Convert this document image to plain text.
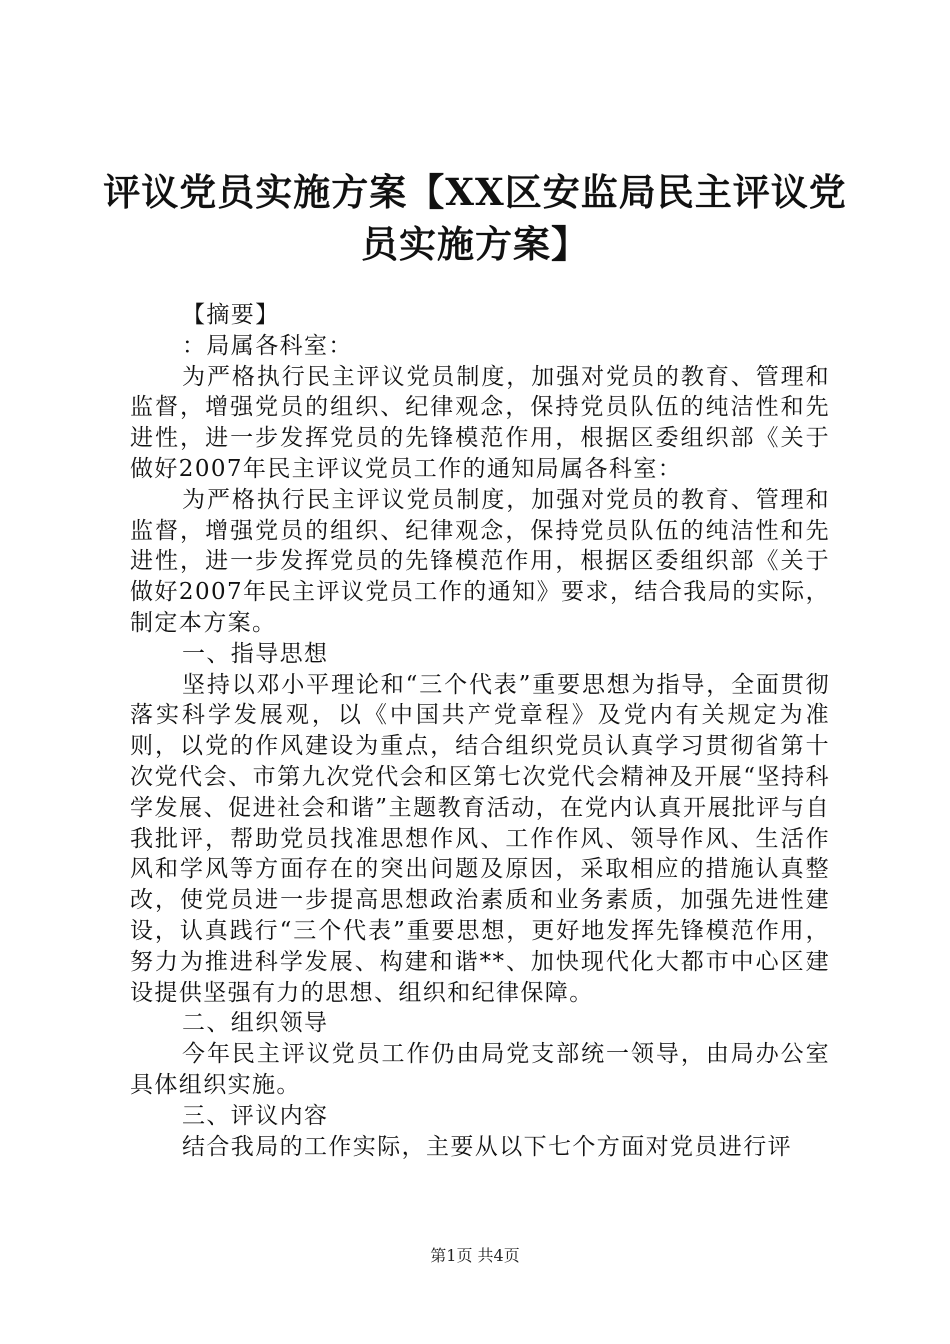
评议党员实施方案【XX区安监局民主评议党
员实施方案】

【摘要】

：局属各科室：

为严格执行民主评议党员制度，加强对党员的教育、管理和监督，增强党员的组织、纪律观念，保持党员队伍的纯洁性和先进性，进一步发挥党员的先锋模范作用，根据区委组织部《关于做好2007年民主评议党员工作的通知局属各科室：

为严格执行民主评议党员制度，加强对党员的教育、管理和监督，增强党员的组织、纪律观念，保持党员队伍的纯洁性和先进性，进一步发挥党员的先锋模范作用，根据区委组织部《关于做好2007年民主评议党员工作的通知》要求，结合我局的实际，制定本方案。

一、指导思想

坚持以邓小平理论和“三个代表”重要思想为指导，全面贯彻落实科学发展观，以《中国共产党章程》及党内有关规定为准则，以党的作风建设为重点，结合组织党员认真学习贯彻省第十次党代会、市第九次党代会和区第七次党代会精神及开展“坚持科学发展、促进社会和谐”主题教育活动，在党内认真开展批评与自我批评，帮助党员找准思想作风、工作作风、领导作风、生活作风和学风等方面存在的突出问题及原因，采取相应的措施认真整改，使党员进一步提高思想政治素质和业务素质，加强先进性建设，认真践行“三个代表”重要思想，更好地发挥先锋模范作用，努力为推进科学发展、构建和谐**、加快现代化大都市中心区建设提供坚强有力的思想、组织和纪律保障。

二、组织领导

今年民主评议党员工作仍由局党支部统一领导，由局办公室具体组织实施。

三、评议内容

结合我局的工作实际，主要从以下七个方面对党员进行评

第1页 共4页
